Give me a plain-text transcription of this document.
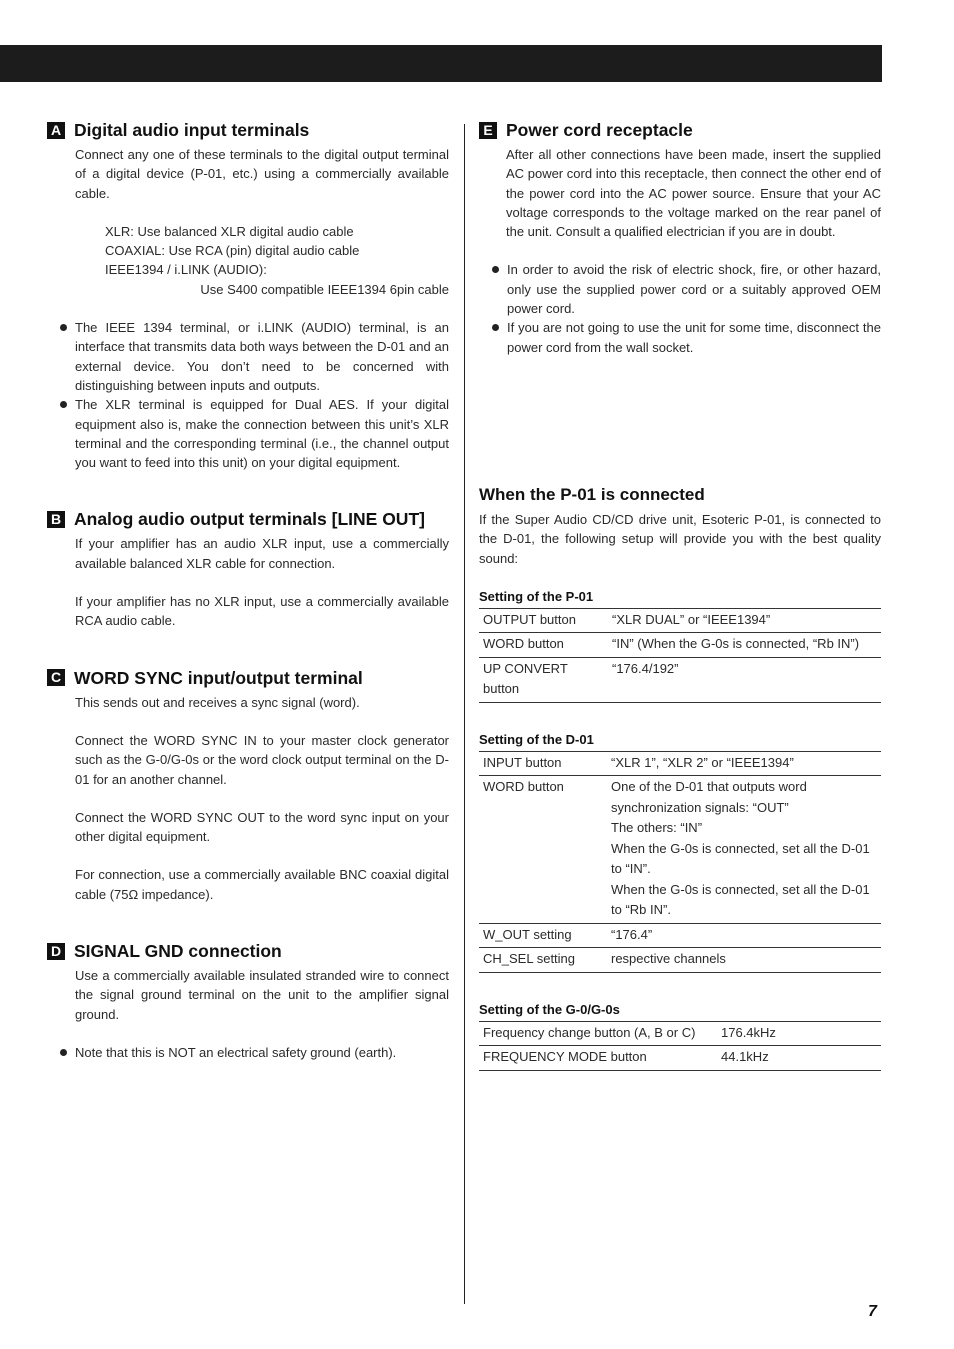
A Digital audio input terminals

Connect any one of these terminals to the digital output terminal of a digital device (P-01, etc.) using a commercially available cable.

XLR: Use balanced XLR digital audio cable
COAXIAL: Use RCA (pin) digital audio cable
IEEE1394 / i.LINK (AUDIO):
Use S400 compatible IEEE1394 6pin cable
The IEEE 1394 terminal, or i.LINK (AUDIO) terminal, is an interface that transmits data both ways between the D-01 and an external device. You don’t need to be concerned with distinguishing between inputs and outputs.
The XLR terminal is equipped for Dual AES. If your digital equipment also is, make the connection between this unit’s XLR terminal and the corresponding terminal (i.e., the channel output you want to feed into this unit) on your digital equipment.
B Analog audio output terminals [LINE OUT]

If your amplifier has an audio XLR input, use a commercially available balanced XLR cable for connection.

If your amplifier has no XLR input, use a commercially available RCA audio cable.

C WORD SYNC input/output terminal

This sends out and receives a sync signal (word).

Connect the WORD SYNC IN to your master clock generator such as the G-0/G-0s or the word clock output terminal on the D-01 for an another channel.

Connect the WORD SYNC OUT to the word sync input on your other digital equipment.

For connection, use a commercially available BNC coaxial digital cable (75Ω impedance).

D SIGNAL GND connection

Use a commercially available insulated stranded wire to connect the signal ground terminal on the unit to the amplifier signal ground.

Note that this is NOT an electrical safety ground (earth).
E Power cord receptacle

After all other connections have been made, insert the supplied AC power cord into this receptacle, then connect the other end of the power cord into the AC power source. Ensure that your AC voltage corresponds to the voltage marked on the rear panel of the unit. Consult a qualified electrician if you are in doubt.

In order to avoid the risk of electric shock, fire, or other hazard, only use the supplied power cord or a suitably approved OEM power cord.
If you are not going to use the unit for some time, disconnect the power cord from the wall socket.
When the P-01 is connected

If the Super Audio CD/CD drive unit, Esoteric P-01, is connected to the D-01, the following setup will provide you with the best quality sound:

Setting of the P-01
OUTPUT button	“XLR DUAL” or “IEEE1394”
WORD button	“IN” (When the G-0s is connected, “Rb IN”)
UP CONVERT button	“176.4/192”
Setting of the D-01
INPUT button	“XLR 1”, “XLR 2” or “IEEE1394”
WORD button	One of the D-01 that outputs word synchronization signals: “OUT”
The others: “IN”
When the G-0s is connected, set all the D-01 to “IN”.
When the G-0s is connected, set all the D-01 to “Rb IN”.
W_OUT setting	“176.4”
CH_SEL setting	respective channels
Setting of the G-0/G-0s
Frequency change button (A, B or C)	176.4kHz
FREQUENCY MODE button	44.1kHz
7
